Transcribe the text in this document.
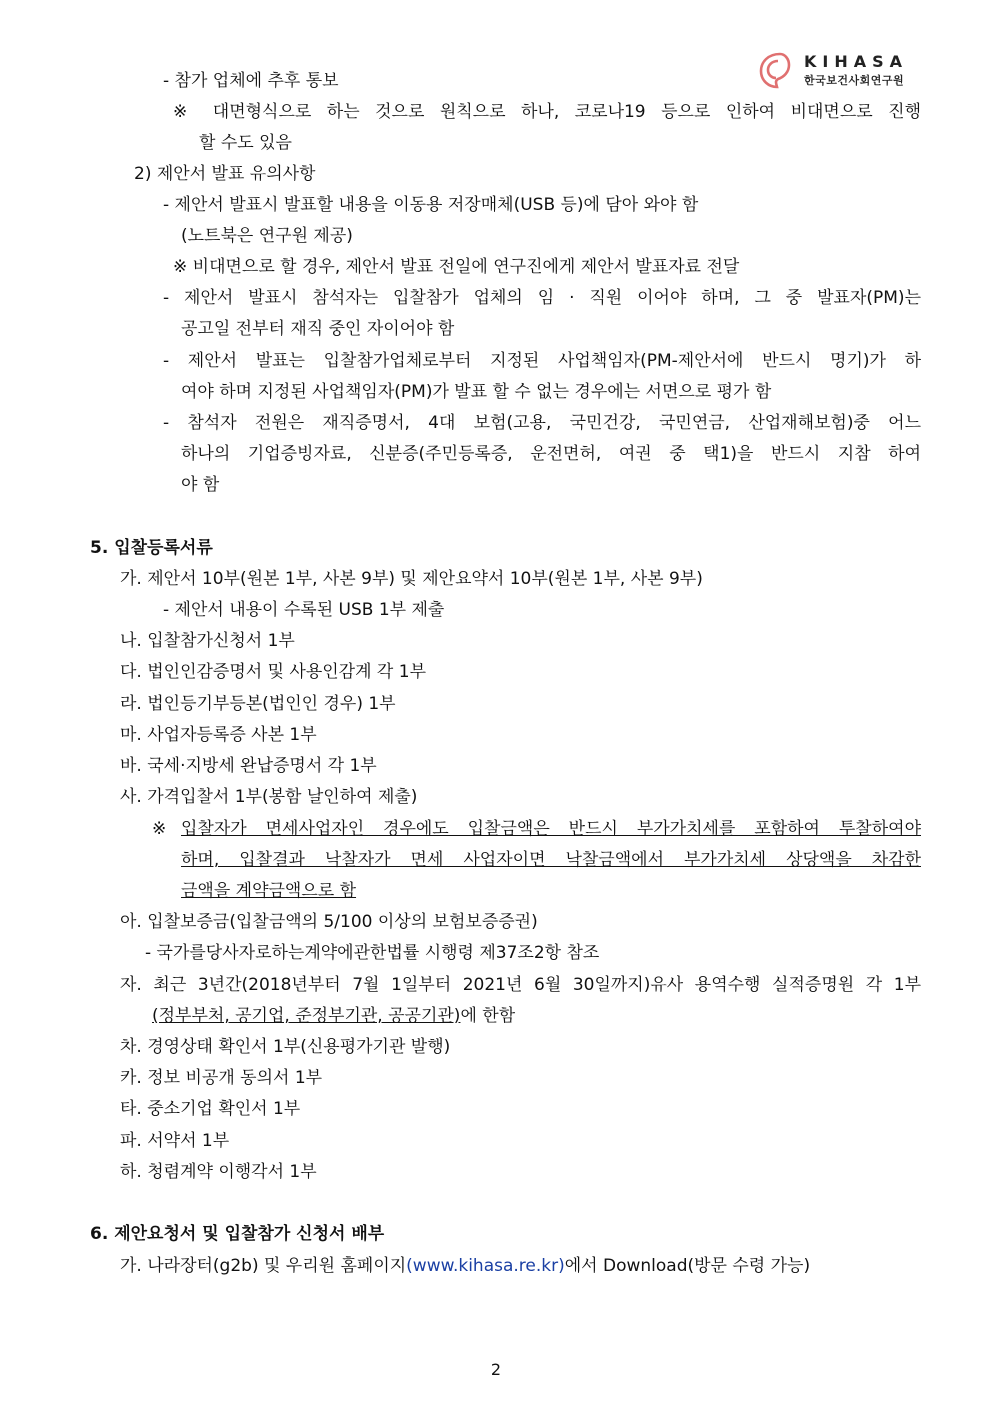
KIHASA
한국보건사회연구원
- 참가 업체에 추후 통보
※ 대면형식으로 하는 것으로 원칙으로 하나, 코로나19 등으로 인하여 비대면으로 진행
할 수도 있음
2) 제안서 발표 유의사항
- 제안서 발표시 발표할 내용을 이동용 저장매체(USB 등)에 담아 와야 함
(노트북은 연구원 제공)
※ 비대면으로 할 경우, 제안서 발표 전일에 연구진에게 제안서 발표자료 전달
- 제안서 발표시 참석자는 입찰참가 업체의 임 · 직원 이어야 하며, 그 중 발표자(PM)는
공고일 전부터 재직 중인 자이어야 함
- 제안서 발표는 입찰참가업체로부터 지정된 사업책임자(PM-제안서에 반드시 명기)가 하
여야 하며 지정된 사업책임자(PM)가 발표 할 수 없는 경우에는 서면으로 평가 함
- 참석자 전원은 재직증명서, 4대 보험(고용, 국민건강, 국민연금, 산업재해보험)중 어느
하나의 기업증빙자료, 신분증(주민등록증, 운전면허, 여권 중 택1)을 반드시 지참 하여
야 함
5. 입찰등록서류
가. 제안서 10부(원본 1부, 사본 9부) 및 제안요약서 10부(원본 1부, 사본 9부)
- 제안서 내용이 수록된 USB 1부 제출
나. 입찰참가신청서 1부
다. 법인인감증명서 및 사용인감계 각 1부
라. 법인등기부등본(법인인 경우) 1부
마. 사업자등록증 사본 1부
바. 국세·지방세 완납증명서 각 1부
사. 가격입찰서 1부(봉함 날인하여 제출)
※ 입찰자가 면세사업자인 경우에도 입찰금액은 반드시 부가가치세를 포함하여 투찰하여야
하며, 입찰결과 낙찰자가 면세 사업자이면 낙찰금액에서 부가가치세 상당액을 차감한
금액을 계약금액으로 함
아. 입찰보증금(입찰금액의 5/100 이상의 보험보증증권)
- 국가를당사자로하는계약에관한법률 시행령 제37조2항 참조
자. 최근 3년간(2018년부터 7월 1일부터 2021년 6월 30일까지)유사 용역수행 실적증명원 각 1부
(정부부처, 공기업, 준정부기관, 공공기관)에 한함
차. 경영상태 확인서 1부(신용평가기관 발행)
카. 정보 비공개 동의서 1부
타. 중소기업 확인서 1부
파. 서약서 1부
하. 청렴계약 이행각서 1부
6. 제안요청서 및 입찰참가 신청서 배부
가. 나라장터(g2b) 및 우리원 홈페이지(www.kihasa.re.kr)에서 Download(방문 수령 가능)
2
